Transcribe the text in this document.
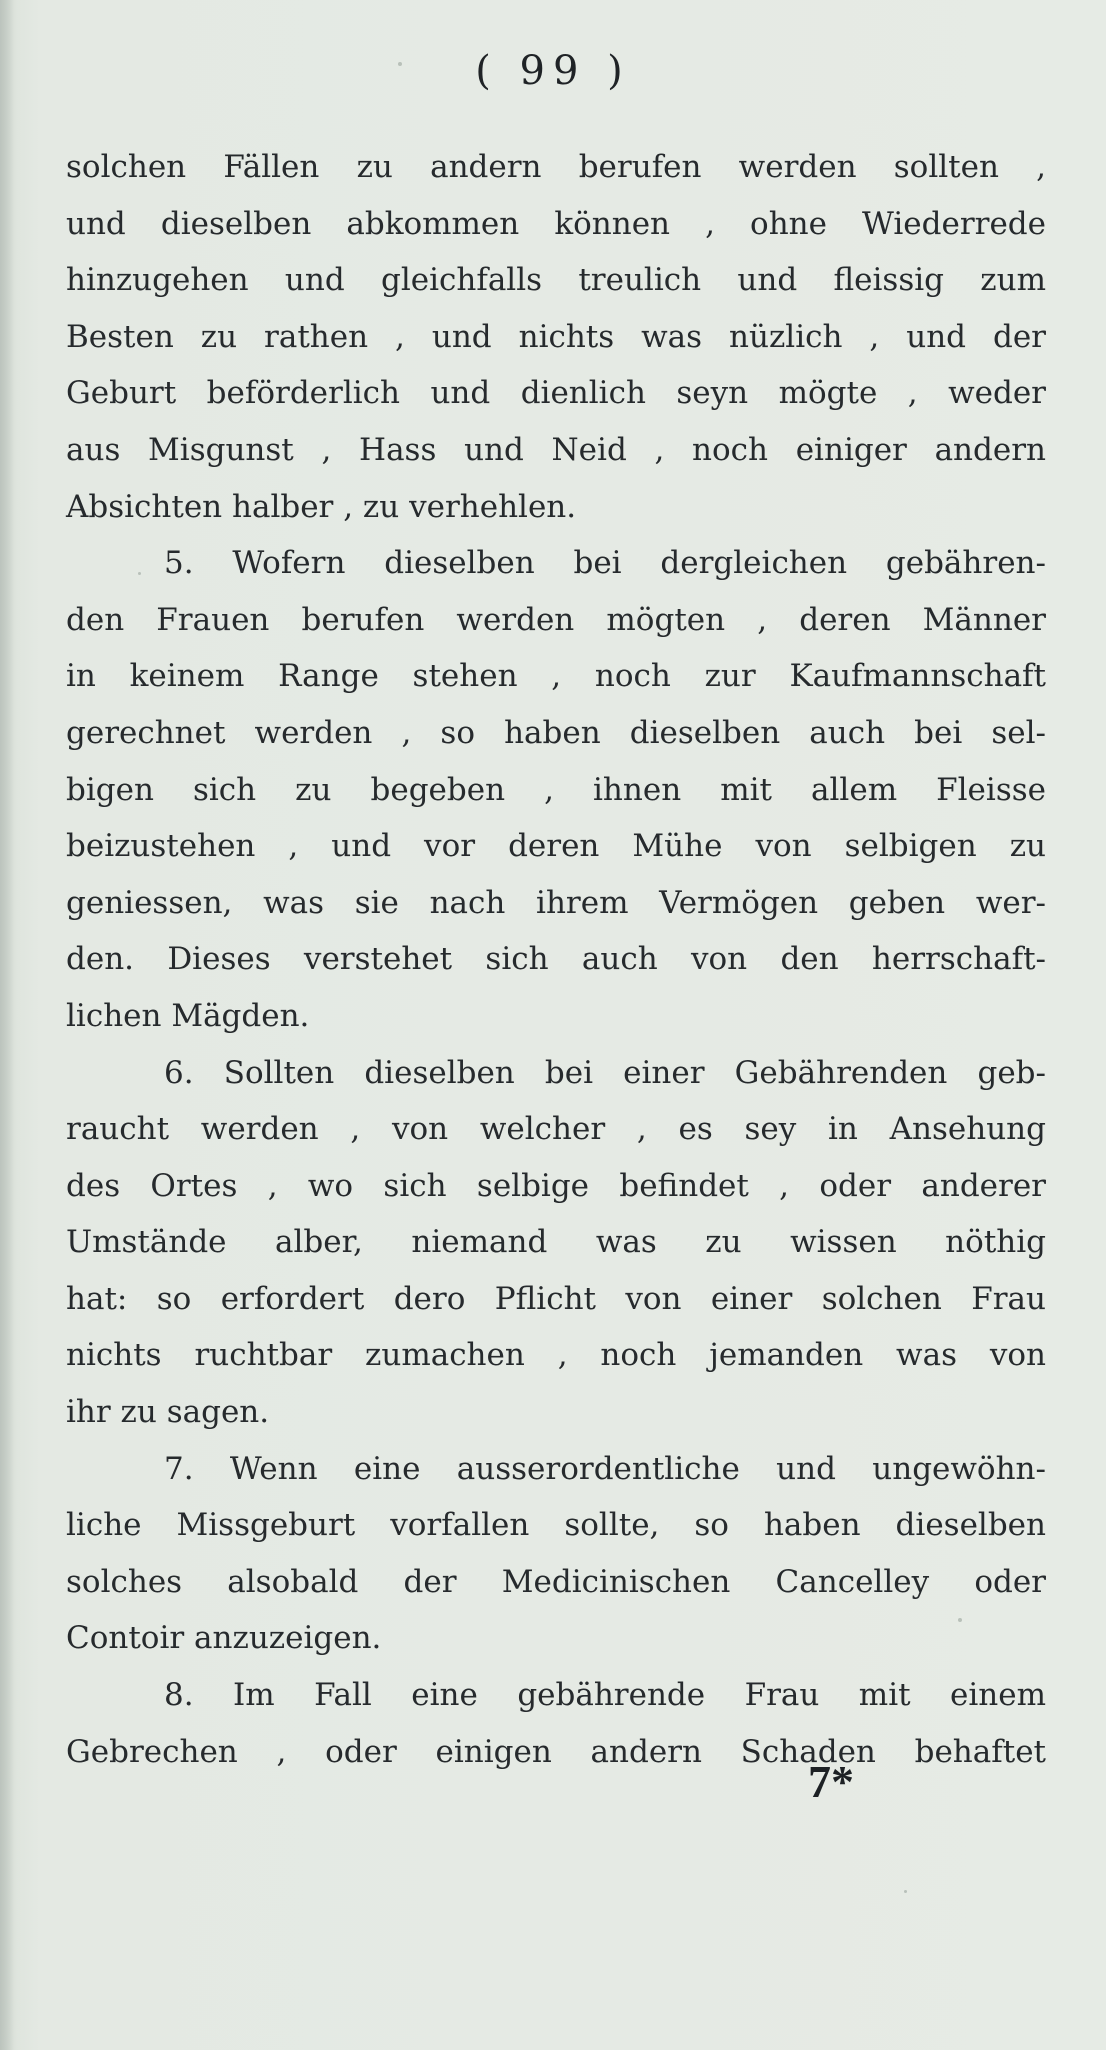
( 99 )
solchen Fällen zu andern berufen werden sollten ,
und dieselben abkommen können , ohne Wiederrede
hinzugehen und gleichfalls treulich und fleissig zum
Besten zu rathen , und nichts was nüzlich , und der
Geburt beförderlich und dienlich seyn mögte , weder
aus Misgunst , Hass und Neid , noch einiger andern
Absichten halber , zu verhehlen.
5. Wofern dieselben bei dergleichen gebähren-
den Frauen berufen werden mögten , deren Männer
in keinem Range stehen , noch zur Kaufmannschaft
gerechnet werden , so haben dieselben auch bei sel-
bigen sich zu begeben , ihnen mit allem Fleisse
beizustehen , und vor deren Mühe von selbigen zu
geniessen, was sie nach ihrem Vermögen geben wer-
den. Dieses verstehet sich auch von den herrschaft-
lichen Mägden.
6. Sollten dieselben bei einer Gebährenden geb-
raucht werden , von welcher , es sey in Ansehung
des Ortes , wo sich selbige befindet , oder anderer
Umstände alber, niemand was zu wissen nöthig
hat: so erfordert dero Pflicht von einer solchen Frau
nichts ruchtbar zumachen , noch jemanden was von
ihr zu sagen.
7. Wenn eine ausserordentliche und ungewöhn-
liche Missgeburt vorfallen sollte, so haben dieselben
solches alsobald der Medicinischen Cancelley oder
Contoir anzuzeigen.
8. Im Fall eine gebährende Frau mit einem
Gebrechen , oder einigen andern Schaden behaftet
7*
